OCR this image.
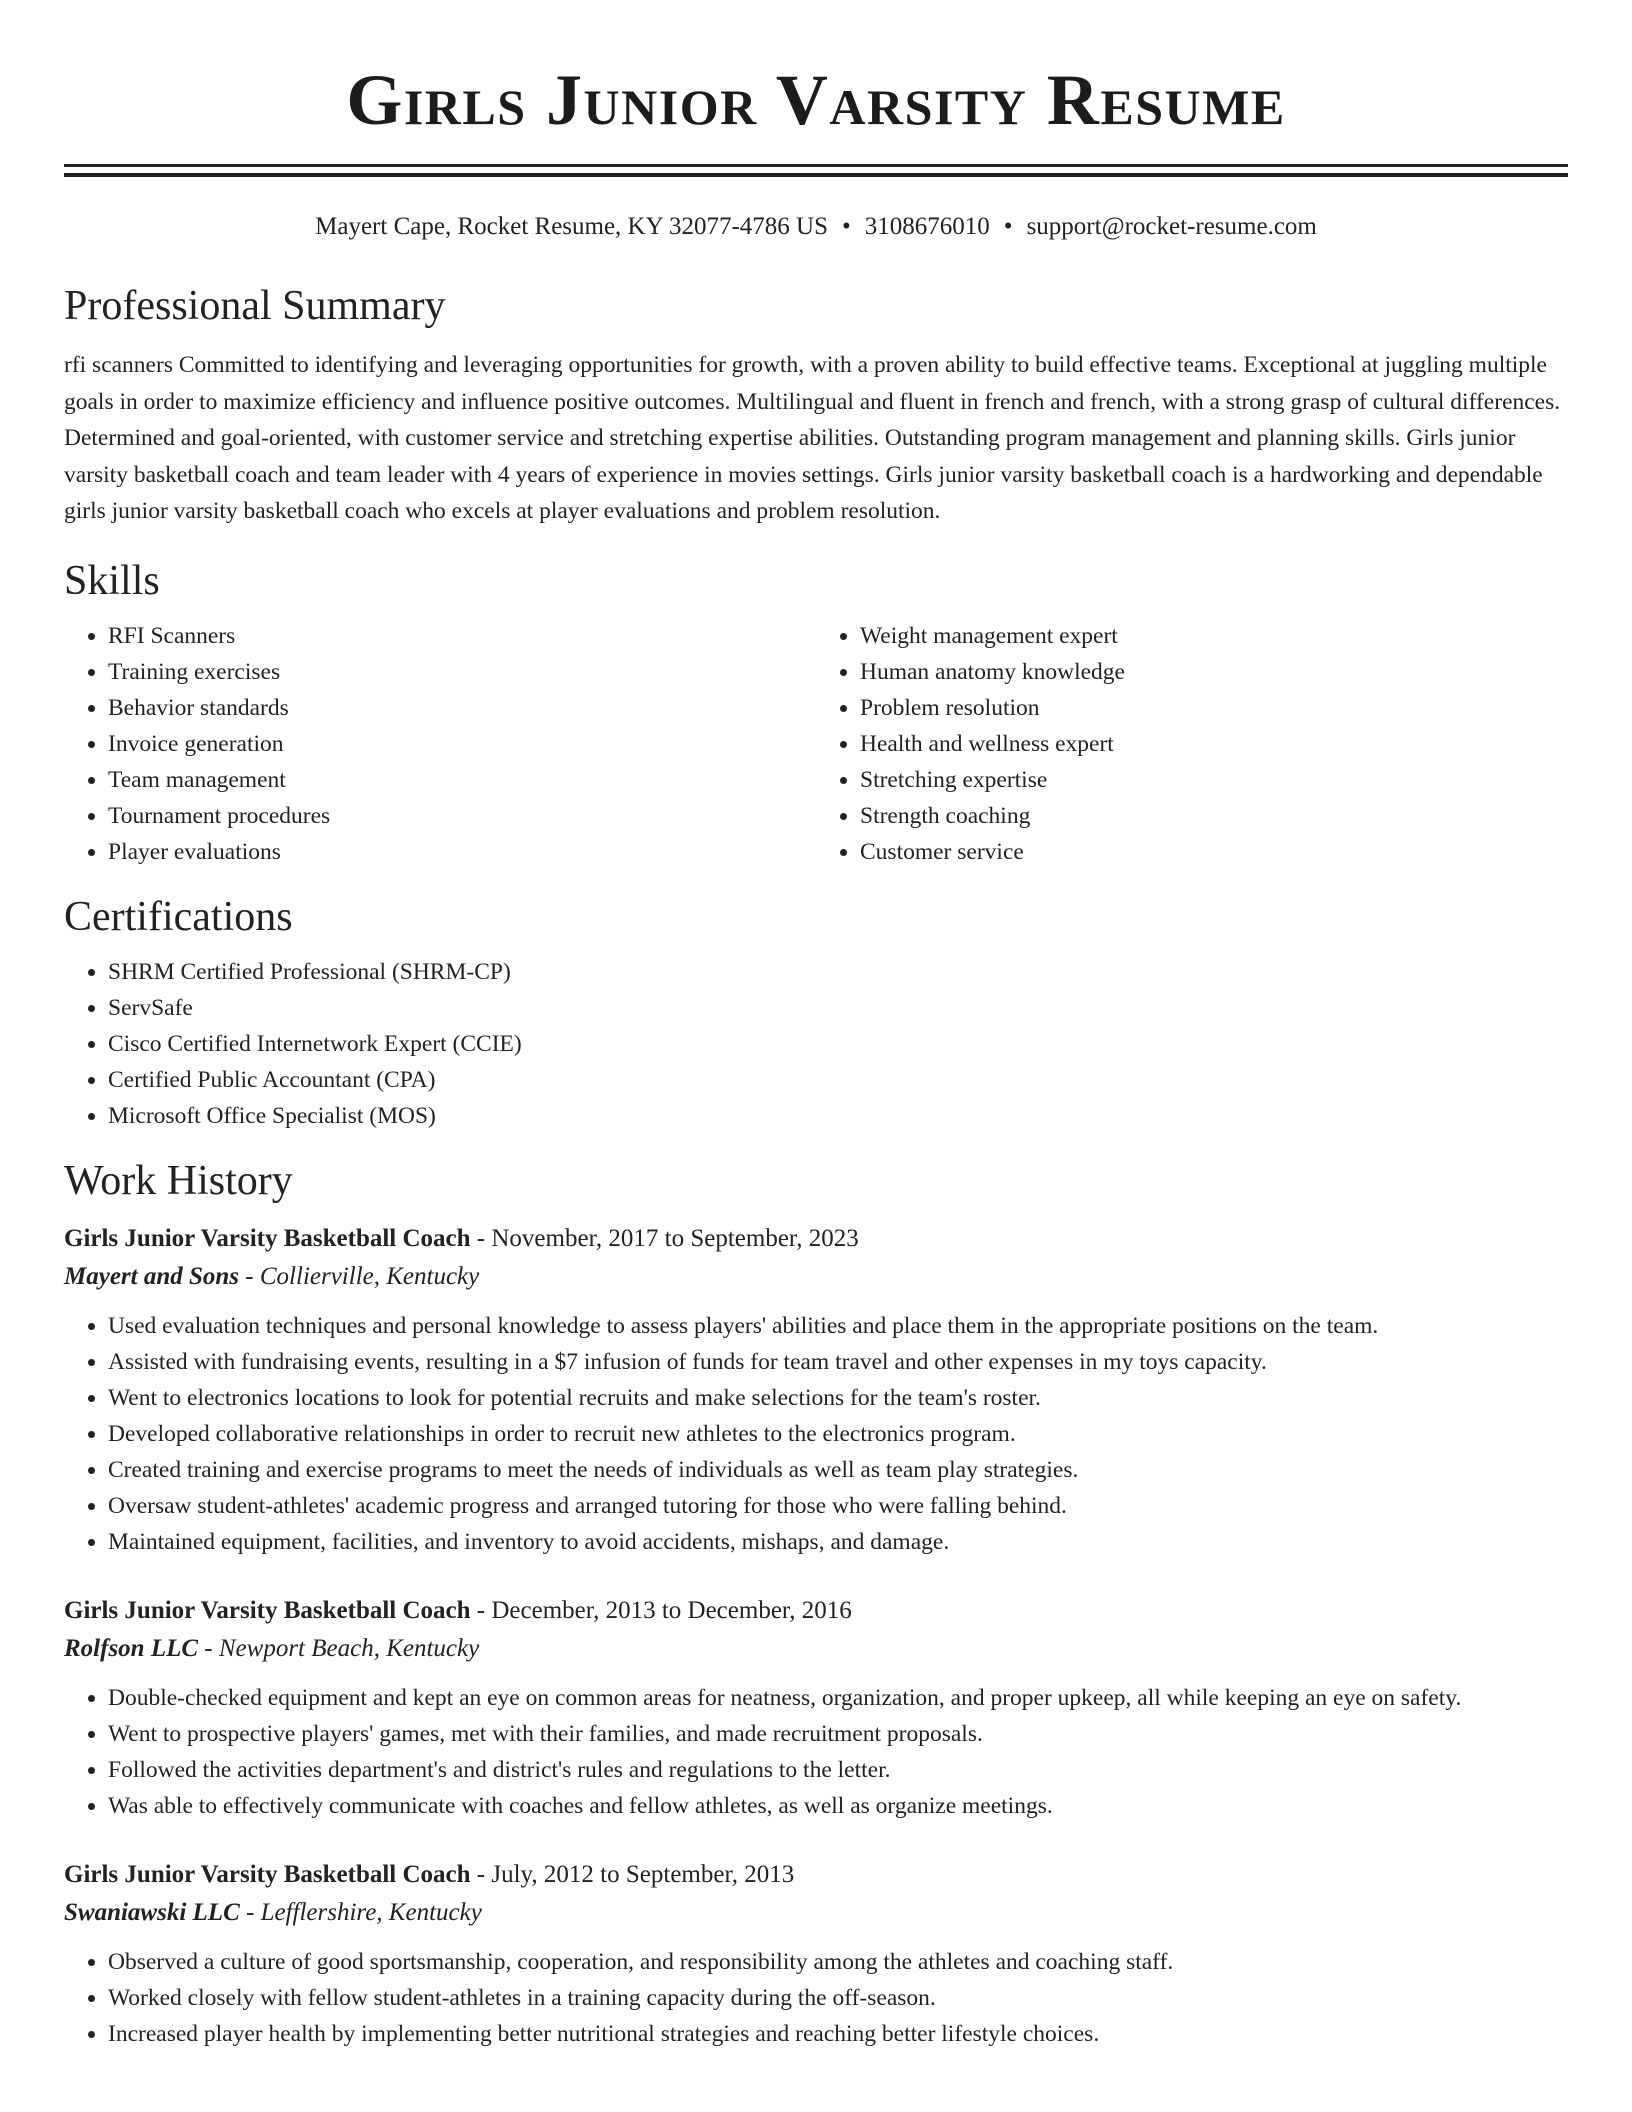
Girls Junior Varsity Resume
Mayert Cape, Rocket Resume, KY 32077-4786 US • 3108676010 • support@rocket-resume.com
Professional Summary

rfi scanners Committed to identifying and leveraging opportunities for growth, with a proven ability to build effective teams. Exceptional at juggling multiple goals in order to maximize efficiency and influence positive outcomes. Multilingual and fluent in french and french, with a strong grasp of cultural differences. Determined and goal-oriented, with customer service and stretching expertise abilities. Outstanding program management and planning skills. Girls junior varsity basketball coach and team leader with 4 years of experience in movies settings. Girls junior varsity basketball coach is a hardworking and dependable girls junior varsity basketball coach who excels at player evaluations and problem resolution.

Skills
• RFI Scanners
• Training exercises
• Behavior standards
• Invoice generation
• Team management
• Tournament procedures
• Player evaluations
• Weight management expert
• Human anatomy knowledge
• Problem resolution
• Health and wellness expert
• Stretching expertise
• Strength coaching
• Customer service
Certifications
• SHRM Certified Professional (SHRM-CP)
• ServSafe
• Cisco Certified Internetwork Expert (CCIE)
• Certified Public Accountant (CPA)
• Microsoft Office Specialist (MOS)
Work History
Girls Junior Varsity Basketball Coach - November, 2017 to September, 2023
Mayert and Sons - Collierville, Kentucky
• Used evaluation techniques and personal knowledge to assess players' abilities and place them in the appropriate positions on the team.
• Assisted with fundraising events, resulting in a $7 infusion of funds for team travel and other expenses in my toys capacity.
• Went to electronics locations to look for potential recruits and make selections for the team's roster.
• Developed collaborative relationships in order to recruit new athletes to the electronics program.
• Created training and exercise programs to meet the needs of individuals as well as team play strategies.
• Oversaw student-athletes' academic progress and arranged tutoring for those who were falling behind.
• Maintained equipment, facilities, and inventory to avoid accidents, mishaps, and damage.
Girls Junior Varsity Basketball Coach - December, 2013 to December, 2016
Rolfson LLC - Newport Beach, Kentucky
• Double-checked equipment and kept an eye on common areas for neatness, organization, and proper upkeep, all while keeping an eye on safety.
• Went to prospective players' games, met with their families, and made recruitment proposals.
• Followed the activities department's and district's rules and regulations to the letter.
• Was able to effectively communicate with coaches and fellow athletes, as well as organize meetings.
Girls Junior Varsity Basketball Coach - July, 2012 to September, 2013
Swaniawski LLC - Lefflershire, Kentucky
• Observed a culture of good sportsmanship, cooperation, and responsibility among the athletes and coaching staff.
• Worked closely with fellow student-athletes in a training capacity during the off-season.
• Increased player health by implementing better nutritional strategies and reaching better lifestyle choices.
